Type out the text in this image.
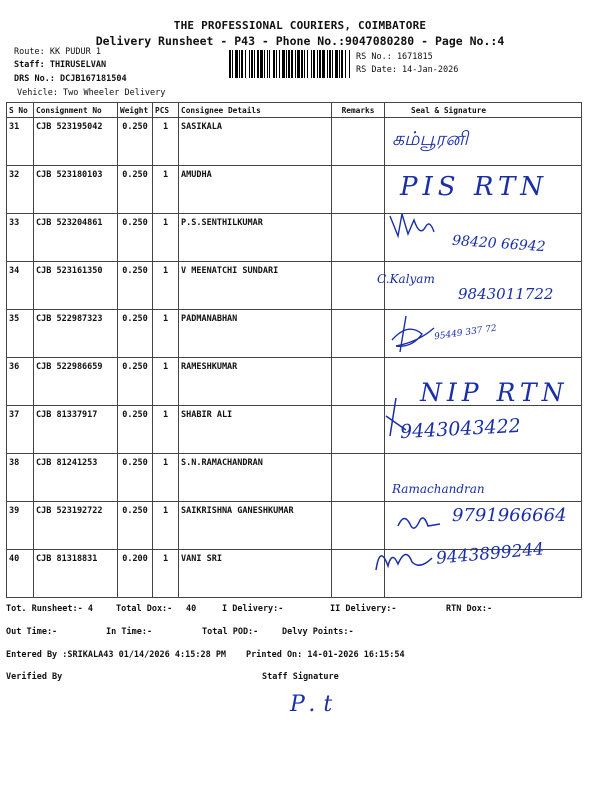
THE PROFESSIONAL COURIERS, COIMBATORE
Delivery Runsheet - P43 - Phone No.:9047080280 - Page No.:4
Route: KK PUDUR 1
Staff: THIRUSELVAN
DRS No.: DCJB167181504
Vehicle: Two Wheeler Delivery
RS No.: 1671815
RS Date: 14-Jan-2026
S No	Consignment No	Weight	PCS	Consignee Details	Remarks	Seal & Signature
31	CJB 523195042	0.250	1	SASIKALA		
32	CJB 523180103	0.250	1	AMUDHA		
33	CJB 523204861	0.250	1	P.S.SENTHILKUMAR		
34	CJB 523161350	0.250	1	V MEENATCHI SUNDARI		
35	CJB 522987323	0.250	1	PADMANABHAN		
36	CJB 522986659	0.250	1	RAMESHKUMAR		
37	CJB 81337917	0.250	1	SHABIR ALI		
38	CJB 81241253	0.250	1	S.N.RAMACHANDRAN		
39	CJB 523192722	0.250	1	SAIKRISHNA GANESHKUMAR		
40	CJB 81318831	0.200	1	VANI SRI		
கம்பூரனி
PIS RTN
98420 66942
C.Kalyam
9843011722
95449 337 72
NIP RTN
9443043422
Ramachandran
9791966664
9443899244
Tot. Runsheet:- 4	Total Dox:- 40	I Delivery:-	II Delivery:-	RTN Dox:-
Out Time:-	In Time:-	Total POD:-	Delvy Points:-
Entered By :SRIKALA43 01/14/2026 4:15:28 PM Printed On: 14-01-2026 16:15:54
Verified By	Staff Signature
P.t
